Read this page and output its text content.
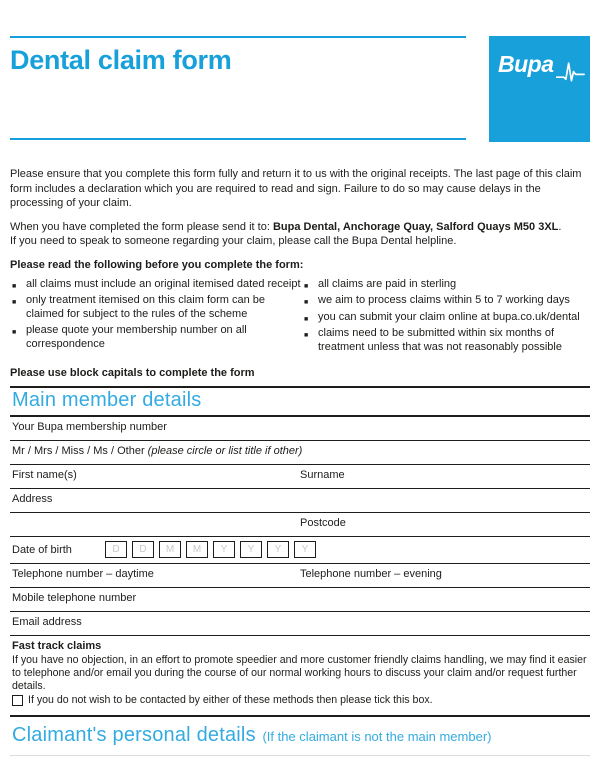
Dental claim form	Bupa

Please ensure that you complete this form fully and return it to us with the original receipts. The last page of this claim form includes a declaration which you are required to read and sign. Failure to do so may cause delays in the processing of your claim.

When you have completed the form please send it to: Bupa Dental, Anchorage Quay, Salford Quays M50 3XL.
If you need to speak to someone regarding your claim, please call the Bupa Dental helpline.

Please read the following before you complete the form:

■ all claims must include an original itemised dated receipt
■ only treatment itemised on this claim form can be claimed for subject to the rules of the scheme
■ please quote your membership number on all correspondence
■ all claims are paid in sterling
■ we aim to process claims within 5 to 7 working days
■ you can submit your claim online at bupa.co.uk/dental
■ claims need to be submitted within six months of treatment unless that was not reasonably possible

Please use block capitals to complete the form

Main member details
Your Bupa membership number
Mr / Mrs / Miss / Ms / Other (please circle or list title if other)
First name(s)	Surname
Address
Postcode
Date of birth	D	D	M	M	Y	Y	Y	Y
Telephone number – daytime	Telephone number – evening
Mobile telephone number
Email address
Fast track claims

If you have no objection, in an effort to promote speedier and more customer friendly claims handling, we may find it easier to telephone and/or email you during the course of our normal working hours to discuss your claim and/or request further details.

If you do not wish to be contacted by either of these methods then please tick this box.
Claimant's personal details (If the claimant is not the main member)
